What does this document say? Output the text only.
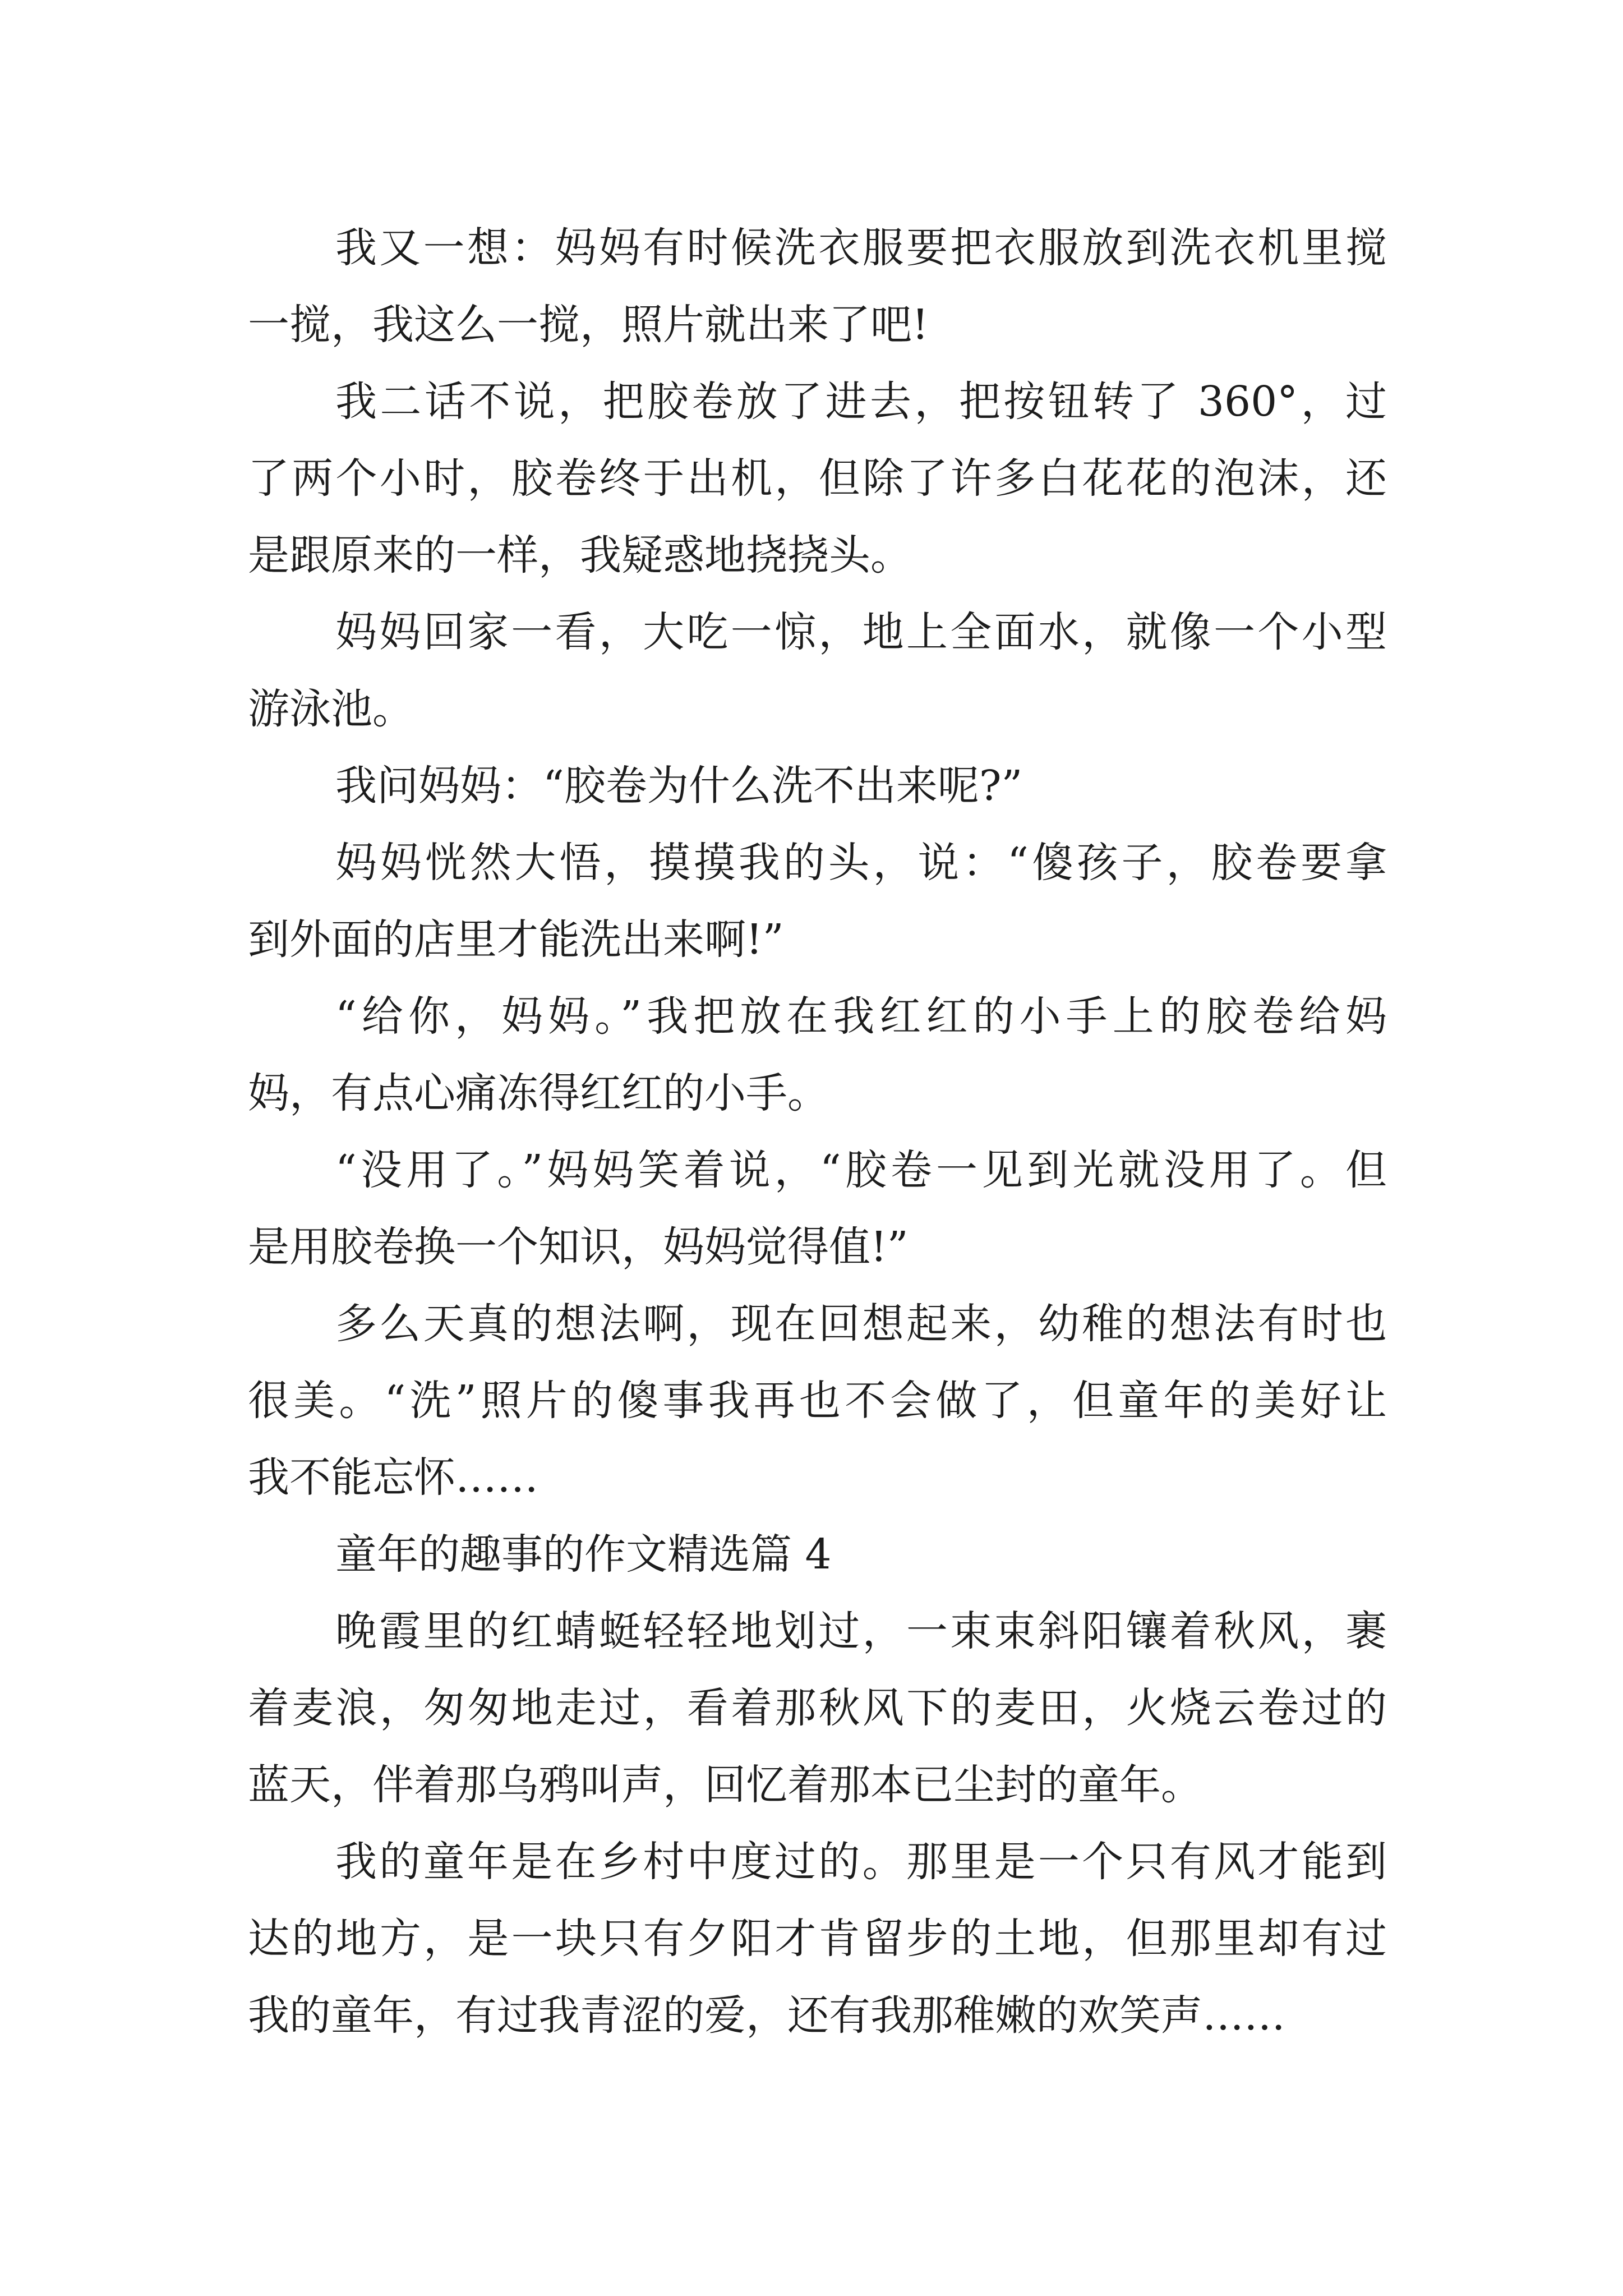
我又一想：妈妈有时候洗衣服要把衣服放到洗衣机里搅
一搅，我这么一搅，照片就出来了吧!
我二话不说，把胶卷放了进去，把按钮转了 360°，过
了两个小时，胶卷终于出机，但除了许多白花花的泡沫，还
是跟原来的一样，我疑惑地挠挠头。
妈妈回家一看，大吃一惊，地上全面水，就像一个小型
游泳池。
我问妈妈：“胶卷为什么洗不出来呢?”
妈妈恍然大悟，摸摸我的头，说：“傻孩子，胶卷要拿
到外面的店里才能洗出来啊!”
“给你，妈妈。”我把放在我红红的小手上的胶卷给妈
妈，有点心痛冻得红红的小手。
“没用了。”妈妈笑着说，“胶卷一见到光就没用了。但
是用胶卷换一个知识，妈妈觉得值!”
多么天真的想法啊，现在回想起来，幼稚的想法有时也
很美。“洗”照片的傻事我再也不会做了，但童年的美好让
我不能忘怀……
童年的趣事的作文精选篇 4
晚霞里的红蜻蜓轻轻地划过，一束束斜阳镶着秋风，裹
着麦浪，匆匆地走过，看着那秋风下的麦田，火烧云卷过的
蓝天，伴着那乌鸦叫声，回忆着那本已尘封的童年。
我的童年是在乡村中度过的。那里是一个只有风才能到
达的地方，是一块只有夕阳才肯留步的土地，但那里却有过
我的童年，有过我青涩的爱，还有我那稚嫩的欢笑声……
